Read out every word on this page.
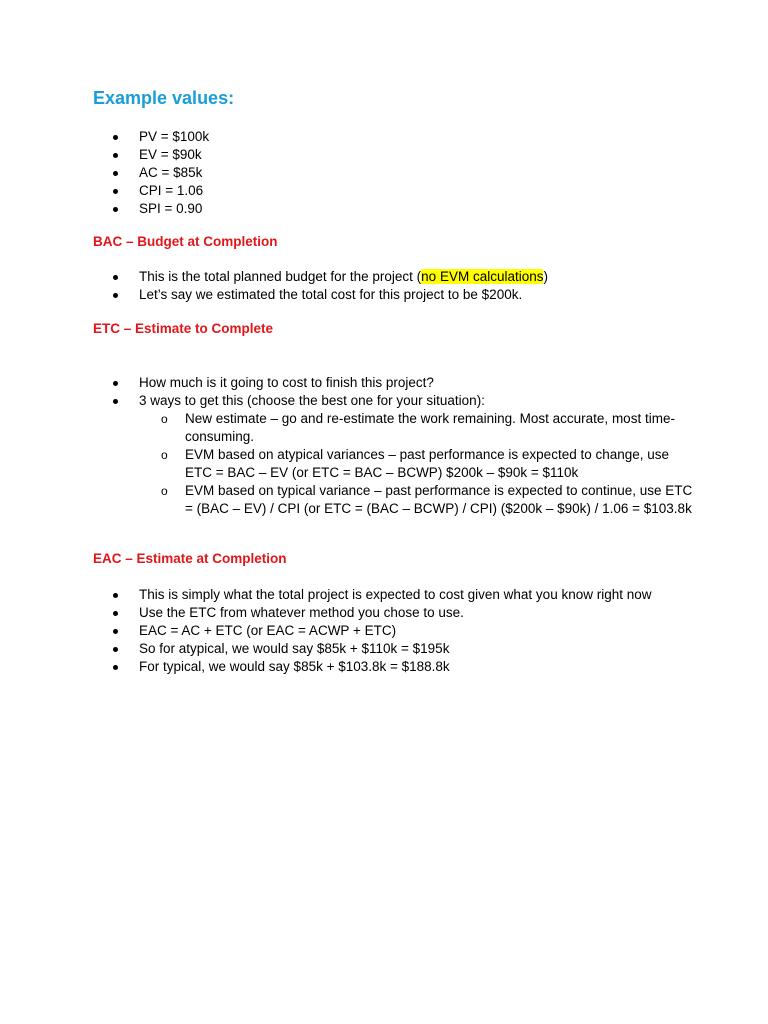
Example values:
PV = $100k
EV = $90k
AC = $85k
CPI = 1.06
SPI = 0.90
BAC – Budget at Completion
This is the total planned budget for the project (no EVM calculations)
Let’s say we estimated the total cost for this project to be $200k.
ETC – Estimate to Complete
How much is it going to cost to finish this project?
3 ways to get this (choose the best one for your situation):
o New estimate – go and re-estimate the work remaining. Most accurate, most time-consuming.
o EVM based on atypical variances – past performance is expected to change, use ETC = BAC – EV (or ETC = BAC – BCWP) $200k – $90k = $110k
o EVM based on typical variance – past performance is expected to continue, use ETC = (BAC – EV) / CPI (or ETC = (BAC – BCWP) / CPI) ($200k – $90k) / 1.06 = $103.8k
EAC – Estimate at Completion
This is simply what the total project is expected to cost given what you know right now
Use the ETC from whatever method you chose to use.
EAC = AC + ETC (or EAC = ACWP + ETC)
So for atypical, we would say $85k + $110k = $195k
For typical, we would say $85k + $103.8k = $188.8k
